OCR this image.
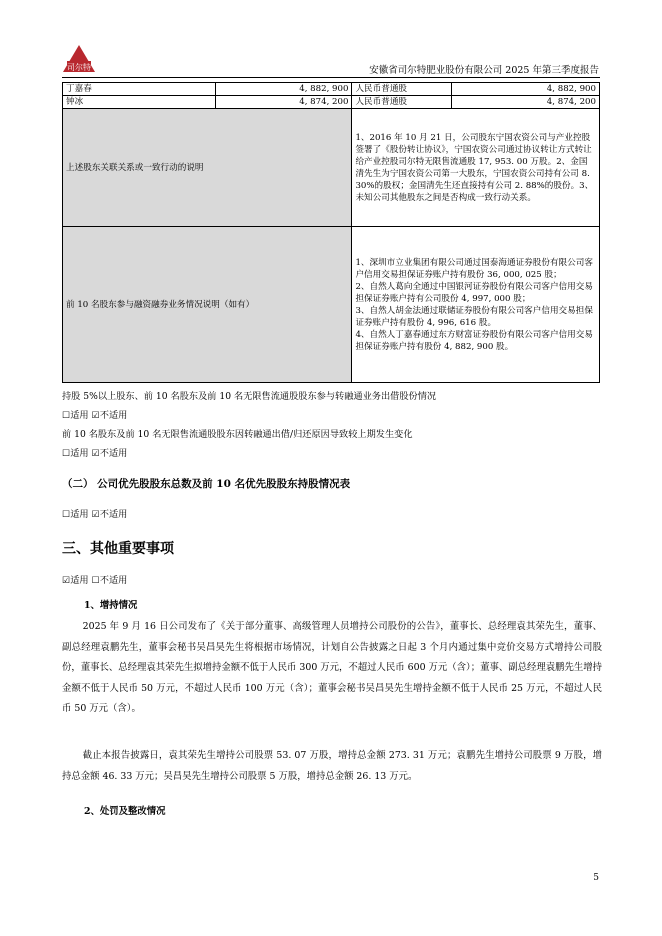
司尔特	安徽省司尔特肥业股份有限公司 2025 年第三季度报告
丁嘉春	4, 882, 900	人民币普通股	4, 882, 900
钟冰	4, 874, 200	人民币普通股	4, 874, 200
上述股东关联关系或一致行动的说明		1、2016 年 10 月 21 日，公司股东宁国农资公司与产业控股签署了《股份转让协议》，宁国农资公司通过协议转让方式转让给产业控股司尔特无限售流通股 17, 953. 00 万股。2、金国清先生为宁国农资公司第一大股东，宁国农资公司持有公司 8. 30%的股权；金国清先生还直接持有公司 2. 88%的股份。3、未知公司其他股东之间是否构成一致行动关系。	
前 10 名股东参与融资融券业务情况说明（如有）		1、深圳市立业集团有限公司通过国泰海通证券股份有限公司客户信用交易担保证券账户持有股份 36, 000, 025 股；
2、自然人葛向全通过中国银河证券股份有限公司客户信用交易担保证券账户持有公司股份 4, 997, 000 股；
3、自然人胡金法通过联储证券股份有限公司客户信用交易担保证券账户持有股份 4, 996, 616 股。
4、自然人丁嘉春通过东方财富证券股份有限公司客户信用交易担保证券账户持有股份 4, 882, 900 股。	
持股 5%以上股东、前 10 名股东及前 10 名无限售流通股股东参与转融通业务出借股份情况
☐适用 ☑不适用
前 10 名股东及前 10 名无限售流通股股东因转融通出借/归还原因导致较上期发生变化
☐适用 ☑不适用
（二） 公司优先股股东总数及前 10 名优先股股东持股情况表
☐适用 ☑不适用
三、其他重要事项
☑适用 ☐不适用
1、增持情况
2025 年 9 月 16 日公司发布了《关于部分董事、高级管理人员增持公司股份的公告》，董事长、总经理袁其荣先生，董事、副总经理袁鹏先生，董事会秘书吴昌昊先生将根据市场情况，计划自公告披露之日起 3 个月内通过集中竞价交易方式增持公司股份，董事长、总经理袁其荣先生拟增持金额不低于人民币 300 万元，不超过人民币 600 万元（含）；董事、副总经理袁鹏先生增持金额不低于人民币 50 万元，不超过人民币 100 万元（含）；董事会秘书吴昌昊先生增持金额不低于人民币 25 万元，不超过人民币 50 万元（含）。
截止本报告披露日，袁其荣先生增持公司股票 53. 07 万股，增持总金额 273. 31 万元；袁鹏先生增持公司股票 9 万股，增持总金额 46. 33 万元；吴昌昊先生增持公司股票 5 万股，增持总金额 26. 13 万元。
2、处罚及整改情况
5
